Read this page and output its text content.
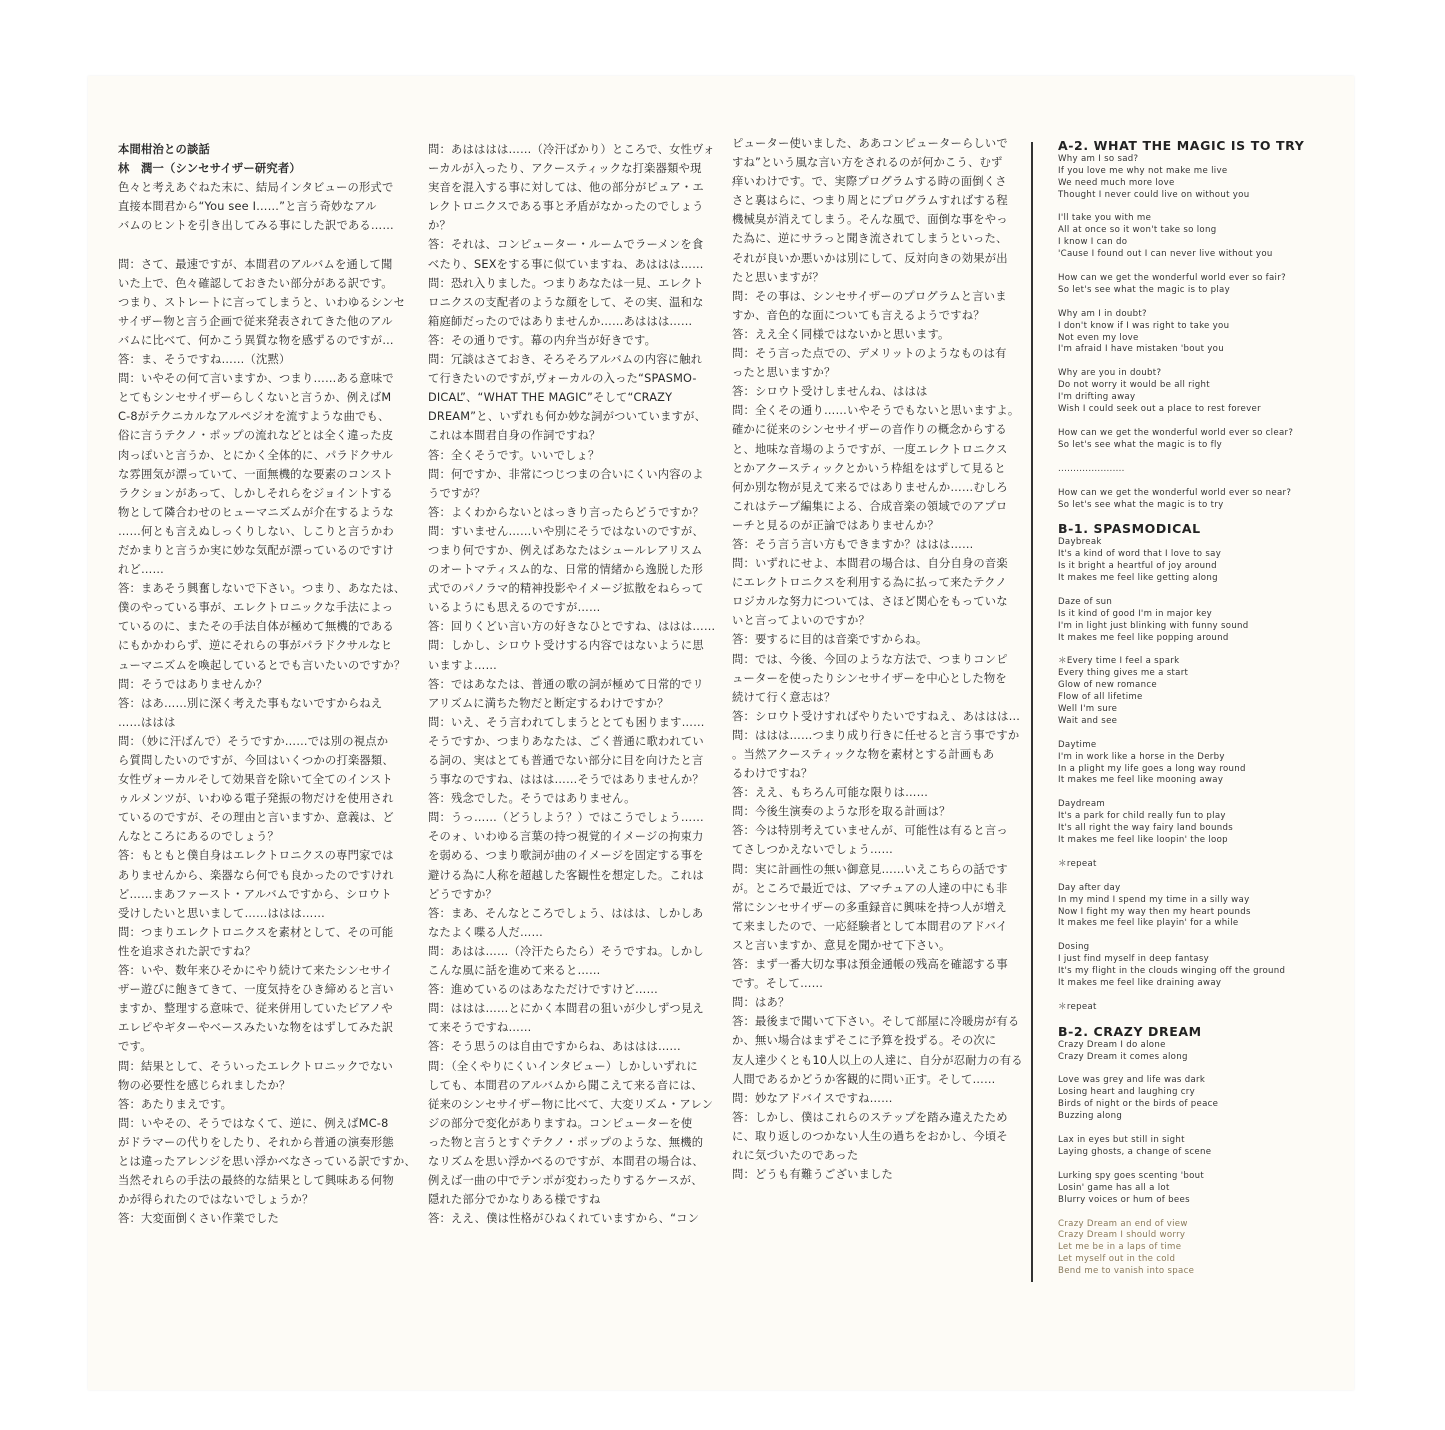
本間柑治との談話
林　潤一（シンセサイザー研究者）
色々と考えあぐねた末に、結局インタビューの形式で
直接本間君から“You see I……”と言う奇妙なアル
バムのヒントを引き出してみる事にした訳である……
問：さて、最速ですが、本間君のアルバムを通して聞
いた上で、色々確認しておきたい部分がある訳です。
つまり、ストレートに言ってしまうと、いわゆるシンセ
サイザー物と言う企画で従来発表されてきた他のアル
バムに比べて、何かこう異質な物を感ずるのですが…
答：ま、そうですね……（沈黙）
問：いやその何て言いますか、つまり……ある意味で
とてもシンセサイザーらしくないと言うか、例えばM
C-8がテクニカルなアルペジオを流すような曲でも、
俗に言うテクノ・ポップの流れなどとは全く違った皮
肉っぽいと言うか、とにかく全体的に、パラドクサル
な雰囲気が漂っていて、一面無機的な要素のコンスト
ラクションがあって、しかしそれらをジョイントする
物として隣合わせのヒューマニズムが介在するような
……何とも言えぬしっくりしない、しこりと言うかわ
だかまりと言うか実に妙な気配が漂っているのですけ
れど……
答：まあそう興奮しないで下さい。つまり、あなたは、
僕のやっている事が、エレクトロニックな手法によっ
ているのに、またその手法自体が極めて無機的である
にもかかわらず、逆にそれらの事がパラドクサルなヒ
ューマニズムを喚起しているとでも言いたいのですか？
問：そうではありませんか？
答：はあ……別に深く考えた事もないですからねえ
……ははは
問：（妙に汗ばんで）そうですか……では別の視点か
ら質問したいのですが、今回はいくつかの打楽器類、
女性ヴォーカルそして効果音を除いて全てのインスト
ゥルメンツが、いわゆる電子発振の物だけを使用され
ているのですが、その理由と言いますか、意義は、ど
んなところにあるのでしょう？
答：もともと僕自身はエレクトロニクスの専門家では
ありませんから、楽器なら何でも良かったのですけれ
ど……まあファースト・アルバムですから、シロウト
受けしたいと思いまして……ははは……
問：つまりエレクトロニクスを素材として、その可能
性を追求された訳ですね？
答：いや、数年来ひそかにやり続けて来たシンセサイ
ザー遊びに飽きてきて、一度気持をひき締めると言い
ますか、整理する意味で、従来併用していたピアノや
エレピやギターやベースみたいな物をはずしてみた訳
です。
問：結果として、そういったエレクトロニックでない
物の必要性を感じられましたか？
答：あたりまえです。
問：いやその、そうではなくて、逆に、例えばMC-8
がドラマーの代りをしたり、それから普通の演奏形態
とは違ったアレンジを思い浮かべなさっている訳ですか、
当然それらの手法の最終的な結果として興味ある何物
かが得られたのではないでしょうか？
答：大変面倒くさい作業でした
問：あはははは……（冷汗ばかり）ところで、女性ヴォ
ーカルが入ったり、アクースティックな打楽器類や現
実音を混入する事に対しては、他の部分がピュア・エ
レクトロニクスである事と矛盾がなかったのでしょう
か？
答：それは、コンピューター・ルームでラーメンを食
べたり、SEXをする事に似ていますね、あははは……
問：恐れ入りました。つまりあなたは一見、エレクト
ロニクスの支配者のような顔をして、その実、温和な
箱庭師だったのではありませんか……あははは……
答：その通りです。幕の内弁当が好きです。
問：冗談はさておき、そろそろアルバムの内容に触れ
て行きたいのですが,ヴォーカルの入った“SPASMO-
DICAL”、“WHAT THE MAGIC”そして“CRAZY
DREAM”と、いずれも何か妙な詞がついていますが、
これは本間君自身の作詞ですね？
答：全くそうです。いいでしょ？
問：何ですか、非常につじつまの合いにくい内容のよ
うですが？
答：よくわからないとはっきり言ったらどうですか？
問：すいません……いや別にそうではないのですが、
つまり何ですか、例えばあなたはシュールレアリスム
のオートマティスム的な、日常的情緒から逸脱した形
式でのパノラマ的精神投影やイメージ拡散をねらって
いるようにも思えるのですが……
答：回りくどい言い方の好きなひとですね、ははは……
問：しかし、シロウト受けする内容ではないように思
いますよ……
答：ではあなたは、普通の歌の詞が極めて日常的でリ
アリズムに満ちた物だと断定するわけですか？
問：いえ、そう言われてしまうととても困ります……
そうですか、つまりあなたは、ごく普通に歌われてい
る詞の、実はとても普通でない部分に目を向けたと言
う事なのですね、ははは……そうではありませんか？
答：残念でした。そうではありません。
問：うっ……（どうしよう？）ではこうでしょう……
そのォ、いわゆる言葉の持つ視覚的イメージの拘束力
を弱める、つまり歌詞が曲のイメージを固定する事を
避ける為に人称を超越した客観性を想定した。これは
どうですか？
答：まあ、そんなところでしょう、ははは、しかしあ
なたよく喋る人だ……
問：あはは……（冷汗たらたら）そうですね。しかし
こんな風に話を進めて来ると……
答：進めているのはあなただけですけど……
問：ははは……とにかく本間君の狙いが少しずつ見え
て来そうですね……
答：そう思うのは自由ですからね、あははは……
問：（全くやりにくいインタビュー）しかしいずれに
しても、本間君のアルバムから聞こえて来る音には、
従来のシンセサイザー物に比べて、大変リズム・アレン
ジの部分で変化がありますね。コンピューターを使
った物と言うとすぐテクノ・ポップのような、無機的
なリズムを思い浮かべるのですが、本間君の場合は、
例えば一曲の中でテンポが変わったりするケースが、
隠れた部分でかなりある様ですね
答：ええ、僕は性格がひねくれていますから、“コン
ピューター使いました、ああコンピューターらしいで
すね”という風な言い方をされるのが何かこう、むず
痒いわけです。で、実際プログラムする時の面倒くさ
さと裏はらに、つまり周とにプログラムすればする程
機械臭が消えてしまう。そんな風で、面倒な事をやっ
た為に、逆にサラっと聞き流されてしまうといった、
それが良いか悪いかは別にして、反対向きの効果が出
たと思いますが？
問：その事は、シンセサイザーのプログラムと言いま
すか、音色的な面についても言えるようですね？
答：ええ全く同様ではないかと思います。
問：そう言った点での、デメリットのようなものは有
ったと思いますか？
答：シロウト受けしませんね、ははは
問：全くその通り……いやそうでもないと思いますよ。
確かに従来のシンセサイザーの音作りの概念からする
と、地味な音場のようですが、一度エレクトロニクス
とかアクースティックとかいう枠組をはずして見ると
何か別な物が見えて来るではありませんか……むしろ
これはテープ編集による、合成音楽の領域でのアプロ
ーチと見るのが正論ではありませんか？
答：そう言う言い方もできますか？ははは……
問：いずれにせよ、本間君の場合は、自分自身の音楽
にエレクトロニクスを利用する為に払って来たテクノ
ロジカルな努力については、さほど関心をもっていな
いと言ってよいのですか？
答：要するに目的は音楽ですからね。
問：では、今後、今回のような方法で、つまりコンピ
ューターを使ったりシンセサイザーを中心とした物を
続けて行く意志は？
答：シロウト受けすればやりたいですねえ、あははは…
問：ははは……つまり成り行きに任せると言う事ですか
。当然アクースティックな物を素材とする計画もあ
るわけですね？
答：ええ、もちろん可能な限りは……
問：今後生演奏のような形を取る計画は？
答：今は特別考えていませんが、可能性は有ると言っ
てさしつかえないでしょう……
問：実に計画性の無い御意見……いえこちらの話です
が。ところで最近では、アマチュアの人達の中にも非
常にシンセサイザーの多重録音に興味を持つ人が増え
て来ましたので、一応経験者として本間君のアドバイ
スと言いますか、意見を聞かせて下さい。
答：まず一番大切な事は預金通帳の残高を確認する事
です。そして……
問：はあ？
答：最後まで聞いて下さい。そして部屋に冷暖房が有る
か、無い場合はまずそこに予算を投ずる。その次に
友人達少くとも10人以上の人達に、自分が忍耐力の有る
人間であるかどうか客観的に問い正す。そして……
問：妙なアドバイスですね……
答：しかし、僕はこれらのステップを踏み違えたため
に、取り返しのつかない人生の過ちをおかし、今頃そ
れに気づいたのであった
問：どうも有難うございました
A-2. WHAT THE MAGIC IS TO TRY
Why am I so sad?
If you love me why not make me live
We need much more love
Thought I never could live on without you
I'll take you with me
All at once so it won't take so long
I know I can do
'Cause I found out I can never live without you
How can we get the wonderful world ever so fair?
So let's see what the magic is to play
Why am I in doubt?
I don't know if I was right to take you
Not even my love
I'm afraid I have mistaken 'bout you
Why are you in doubt?
Do not worry it would be all right
I'm drifting away
Wish I could seek out a place to rest forever
How can we get the wonderful world ever so clear?
So let's see what the magic is to fly
......................
How can we get the wonderful world ever so near?
So let's see what the magic is to try
B-1. SPASMODICAL
Daybreak
It's a kind of word that I love to say
Is it bright a heartful of joy around
It makes me feel like getting along
Daze of sun
Is it kind of good I'm in major key
I'm in light just blinking with funny sound
It makes me feel like popping around
＊Every time I feel a spark
Every thing gives me a start
Glow of new romance
Flow of all lifetime
Well I'm sure
Wait and see
Daytime
I'm in work like a horse in the Derby
In a plight my life goes a long way round
It makes me feel like mooning away
Daydream
It's a park for child really fun to play
It's all right the way fairy land bounds
It makes me feel like loopin' the loop
＊repeat
Day after day
In my mind I spend my time in a silly way
Now I fight my way then my heart pounds
It makes me feel like playin' for a while
Dosing
I just find myself in deep fantasy
It's my flight in the clouds winging off the ground
It makes me feel like draining away
＊repeat
B-2. CRAZY DREAM
Crazy Dream I do alone
Crazy Dream it comes along
Love was grey and life was dark
Losing heart and laughing cry
Birds of night or the birds of peace
Buzzing along
Lax in eyes but still in sight
Laying ghosts, a change of scene
Lurking spy goes scenting 'bout
Losin' game has all a lot
Blurry voices or hum of bees
Crazy Dream an end of view
Crazy Dream I should worry
Let me be in a laps of time
Let myself out in the cold
Bend me to vanish into space
